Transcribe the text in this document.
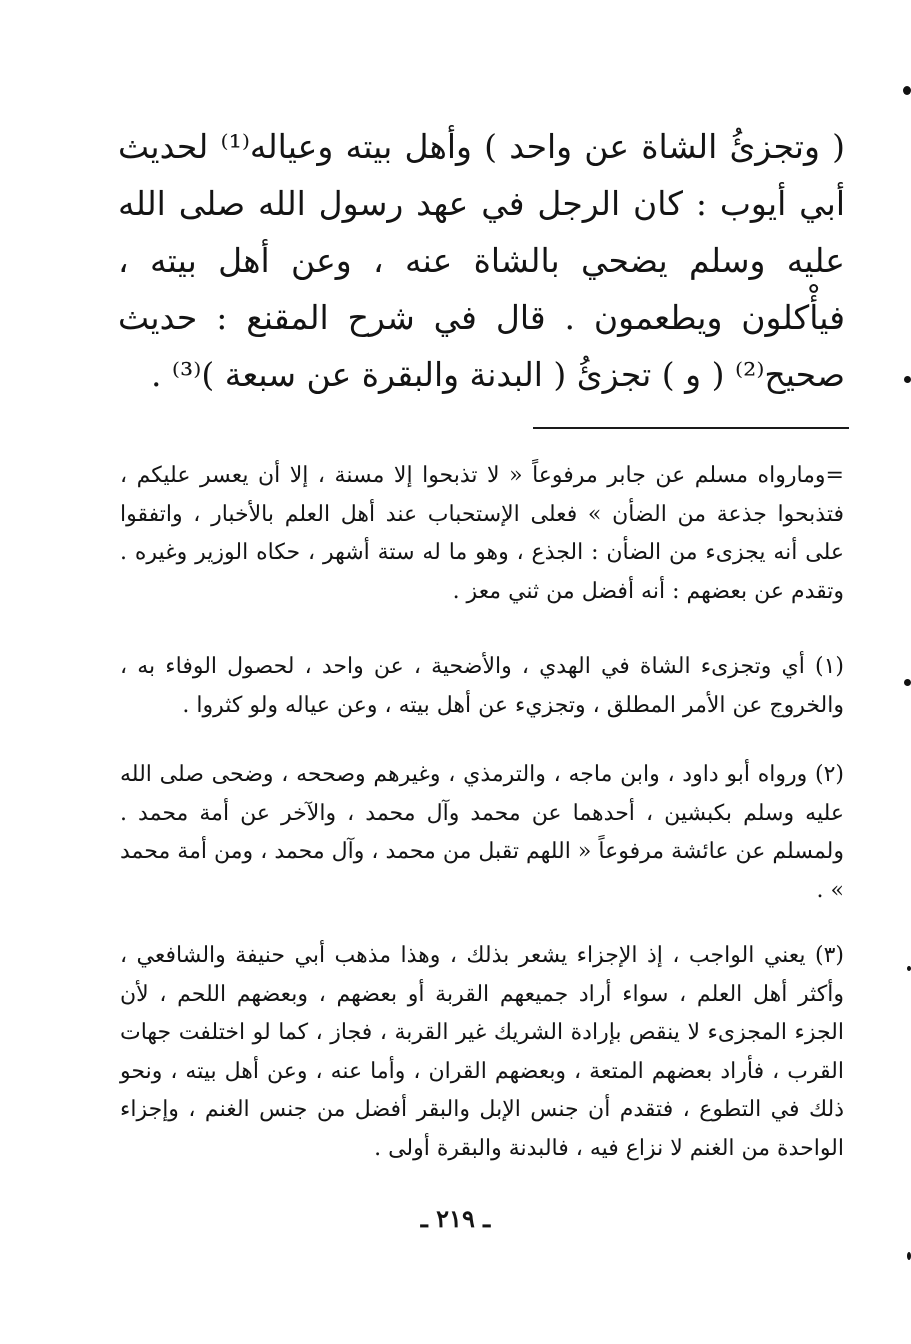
( وتجزئُ الشاة عن واحد ) وأهل بيته وعياله⁽¹⁾ لحديث أبي أيوب : كان الرجل في عهد رسول الله صلى الله عليه وسلم يضحي بالشاة عنه ، وعن أهل بيته ، فيأْكلون ويطعمون . قال في شرح المقنع : حديث صحيح⁽²⁾ ( و ) تجزئُ ( البدنة والبقرة عن سبعة )⁽³⁾ .

=ومارواه مسلم عن جابر مرفوعاً « لا تذبحوا إلا مسنة ، إلا أن يعسر عليكم ، فتذبحوا جذعة من الضأن » فعلى الإستحباب عند أهل العلم بالأخبار ، واتفقوا على أنه يجزىء من الضأن : الجذع ، وهو ما له ستة أشهر ، حكاه الوزير وغيره . وتقدم عن بعضهم : أنه أفضل من ثني معز .

(١) أي وتجزىء الشاة في الهدي ، والأضحية ، عن واحد ، لحصول الوفاء به ، والخروج عن الأمر المطلق ، وتجزيء عن أهل بيته ، وعن عياله ولو كثروا .

(٢) ورواه أبو داود ، وابن ماجه ، والترمذي ، وغيرهم وصححه ، وضحى صلى الله عليه وسلم بكبشين ، أحدهما عن محمد وآل محمد ، والآخر عن أمة محمد . ولمسلم عن عائشة مرفوعاً « اللهم تقبل من محمد ، وآل محمد ، ومن أمة محمد » .

(٣) يعني الواجب ، إذ الإجزاء يشعر بذلك ، وهذا مذهب أبي حنيفة والشافعي ، وأكثر أهل العلم ، سواء أراد جميعهم القربة أو بعضهم ، وبعضهم اللحم ، لأن الجزء المجزىء لا ينقص بإرادة الشريك غير القربة ، فجاز ، كما لو اختلفت جهات القرب ، فأراد بعضهم المتعة ، وبعضهم القران ، وأما عنه ، وعن أهل بيته ، ونحو ذلك في التطوع ، فتقدم أن جنس الإبل والبقر أفضل من جنس الغنم ، وإجزاء الواحدة من الغنم لا نزاع فيه ، فالبدنة والبقرة أولى .

ـ ٢١٩ ـ
